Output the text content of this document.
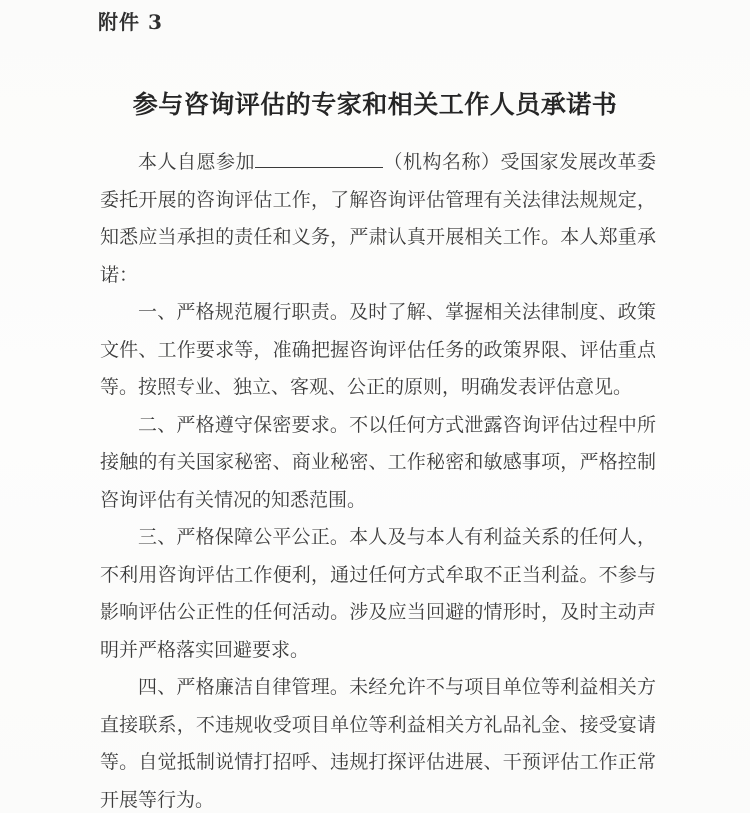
附件 3
参与咨询评估的专家和相关工作人员承诺书

本人自愿参加	（机构名称）受国家发展改革委委托开展的咨询评估工作，了解咨询评估管理有关法律法规规定，知悉应当承担的责任和义务，严肃认真开展相关工作。本人郑重承诺：

一、严格规范履行职责。及时了解、掌握相关法律制度、政策文件、工作要求等，准确把握咨询评估任务的政策界限、评估重点等。按照专业、独立、客观、公正的原则，明确发表评估意见。

二、严格遵守保密要求。不以任何方式泄露咨询评估过程中所接触的有关国家秘密、商业秘密、工作秘密和敏感事项，严格控制咨询评估有关情况的知悉范围。

三、严格保障公平公正。本人及与本人有利益关系的任何人，不利用咨询评估工作便利，通过任何方式牟取不正当利益。不参与影响评估公正性的任何活动。涉及应当回避的情形时，及时主动声明并严格落实回避要求。

四、严格廉洁自律管理。未经允许不与项目单位等利益相关方直接联系，不违规收受项目单位等利益相关方礼品礼金、接受宴请等。自觉抵制说情打招呼、违规打探评估进展、干预评估工作正常开展等行为。
